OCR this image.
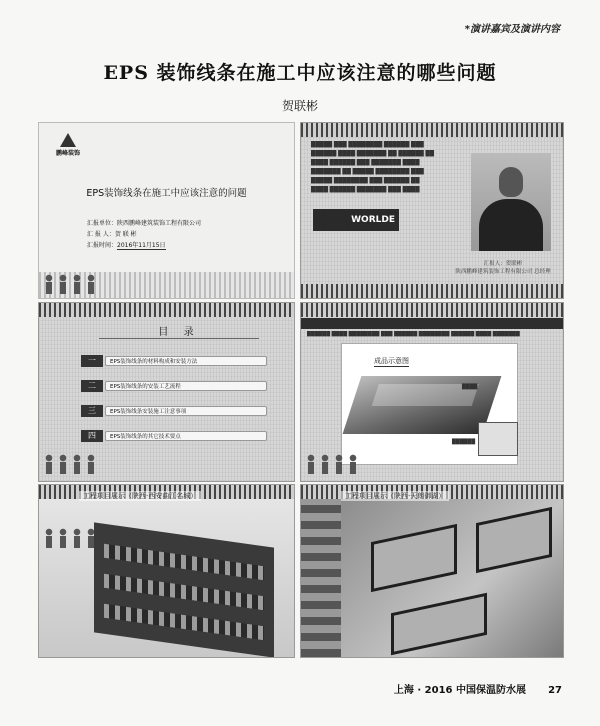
*演讲嘉宾及演讲内容
EPS 装饰线条在施工中应该注意的哪些问题
贺联彬
鹏峰装饰
EPS装饰线条在施工中应该注意的问题
汇报单位：陕西鹏峰建筑装饰工程有限公司
汇 报 人：贺 联 彬
汇报时间：2016年11月15日
█████ ███ ████████ ██████ ███
██████ ████ ███████ ██ ██████ ██
████ ██████ ███ ███████ ████
███████ ██ █████ ████████ ███
█████ ████████ ███ ██████ ██
████ ██████ ███████ ███ ████
WORLDE
汇报人：贺联彬
陕西鹏峰建筑装饰工程有限公司 总经理
目 录
一	EPS装饰线条的材料构成和安装方法
二	EPS装饰线条的安装工艺流程
三	EPS装饰线条安装施工注意事项
四	EPS装饰线条的其它技术要点
██████ ████ ████████ ███ ██████ ████████ ██████ ████ ███████
成品示意图
████
██████
工程项目展示（陕西·西安曲江名城）	工程项目展示（陕西·天朗御湖）
上海 · 2016 中国保温防水展 27
